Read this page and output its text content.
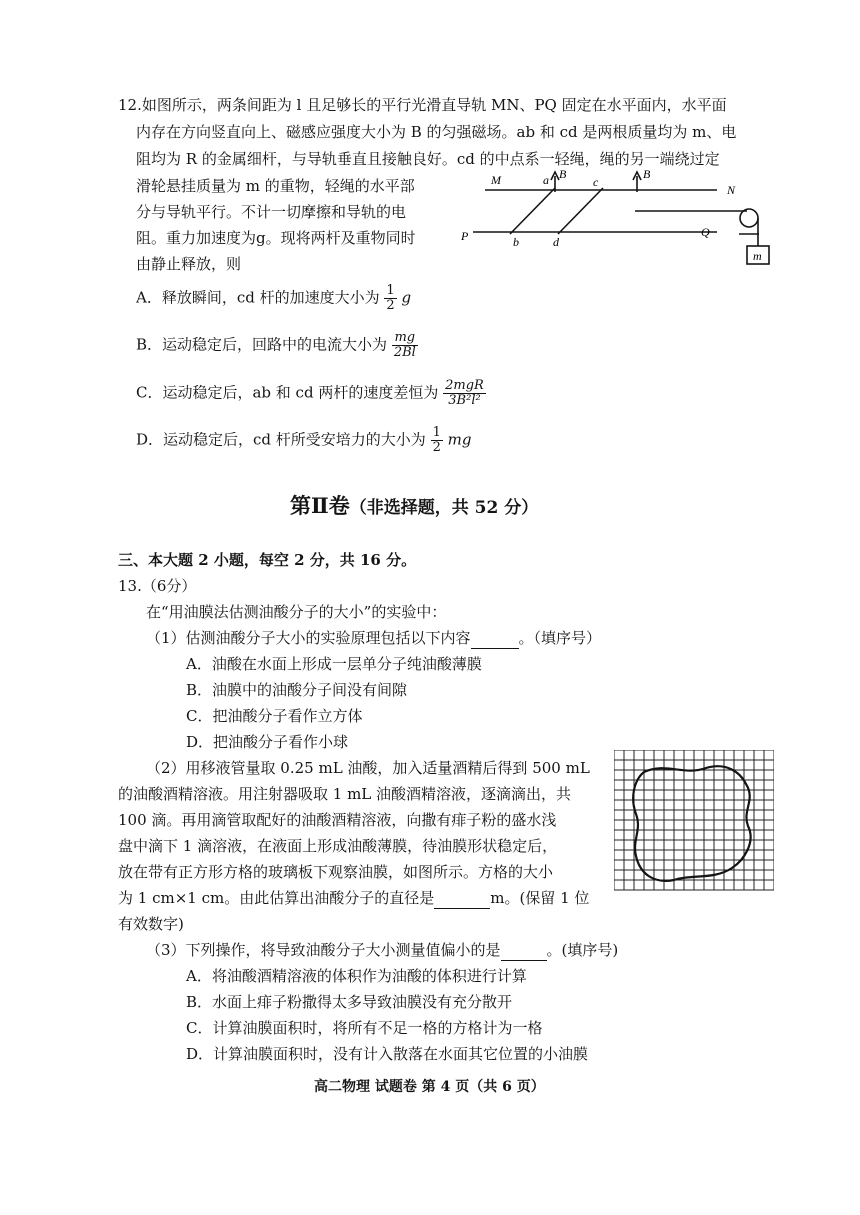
12.如图所示，两条间距为 l 且足够长的平行光滑直导轨 MN、PQ 固定在水平面内，水平面
内存在方向竖直向上、磁感应强度大小为 B 的匀强磁场。ab 和 cd 是两根质量均为 m、电
阻均为 R 的金属细杆，与导轨垂直且接触良好。cd 的中点系一轻绳，绳的另一端绕过定
滑轮悬挂质量为 m 的重物，轻绳的水平部
分与导轨平行。不计一切摩擦和导轨的电
阻。重力加速度为g。现将两杆及重物同时
由静止释放，则
M	a B
c
B
N
P	b	d
Q
m
A．释放瞬间，cd 杆的加速度大小为 $\frac{1}{2}$ g
B．运动稳定后，回路中的电流大小为 $\frac{mg}{2Bl}$
C．运动稳定后，ab 和 cd 两杆的速度差恒为 $\frac{\text{2mgR}}{\text{3B²l²}}$
D．运动稳定后，cd 杆所受安培力的大小为 $\frac{1}{2}$ mg
第Ⅱ卷（非选择题，共 52 分）
三、本大题 2 小题，每空 2 分，共 16 分。
13.（6分）
在“用油膜法估测油酸分子的大小”的实验中：
（1）估测油酸分子大小的实验原理包括以下内容	。（填序号）
A．油酸在水面上形成一层单分子纯油酸薄膜
B．油膜中的油酸分子间没有间隙
C．把油酸分子看作立方体
D．把油酸分子看作小球
（2）用移液管量取 0.25 mL 油酸，加入适量酒精后得到 500 mL
的油酸酒精溶液。用注射器吸取 1 mL 油酸酒精溶液，逐滴滴出，共
100 滴。再用滴管取配好的油酸酒精溶液，向撒有痱子粉的盛水浅
盘中滴下 1 滴溶液，在液面上形成油酸薄膜，待油膜形状稳定后，
放在带有正方形方格的玻璃板下观察油膜，如图所示。方格的大小
为 1 cm×1 cm。由此估算出油酸分子的直径是	m。(保留 1 位
有效数字)
（3）下列操作，将导致油酸分子大小测量值偏小的是	。(填序号)
A．将油酸酒精溶液的体积作为油酸的体积进行计算
B．水面上痱子粉撒得太多导致油膜没有充分散开
C．计算油膜面积时，将所有不足一格的方格计为一格
D．计算油膜面积时，没有计入散落在水面其它位置的小油膜
高二物理 试题卷 第 4 页（共 6 页）
